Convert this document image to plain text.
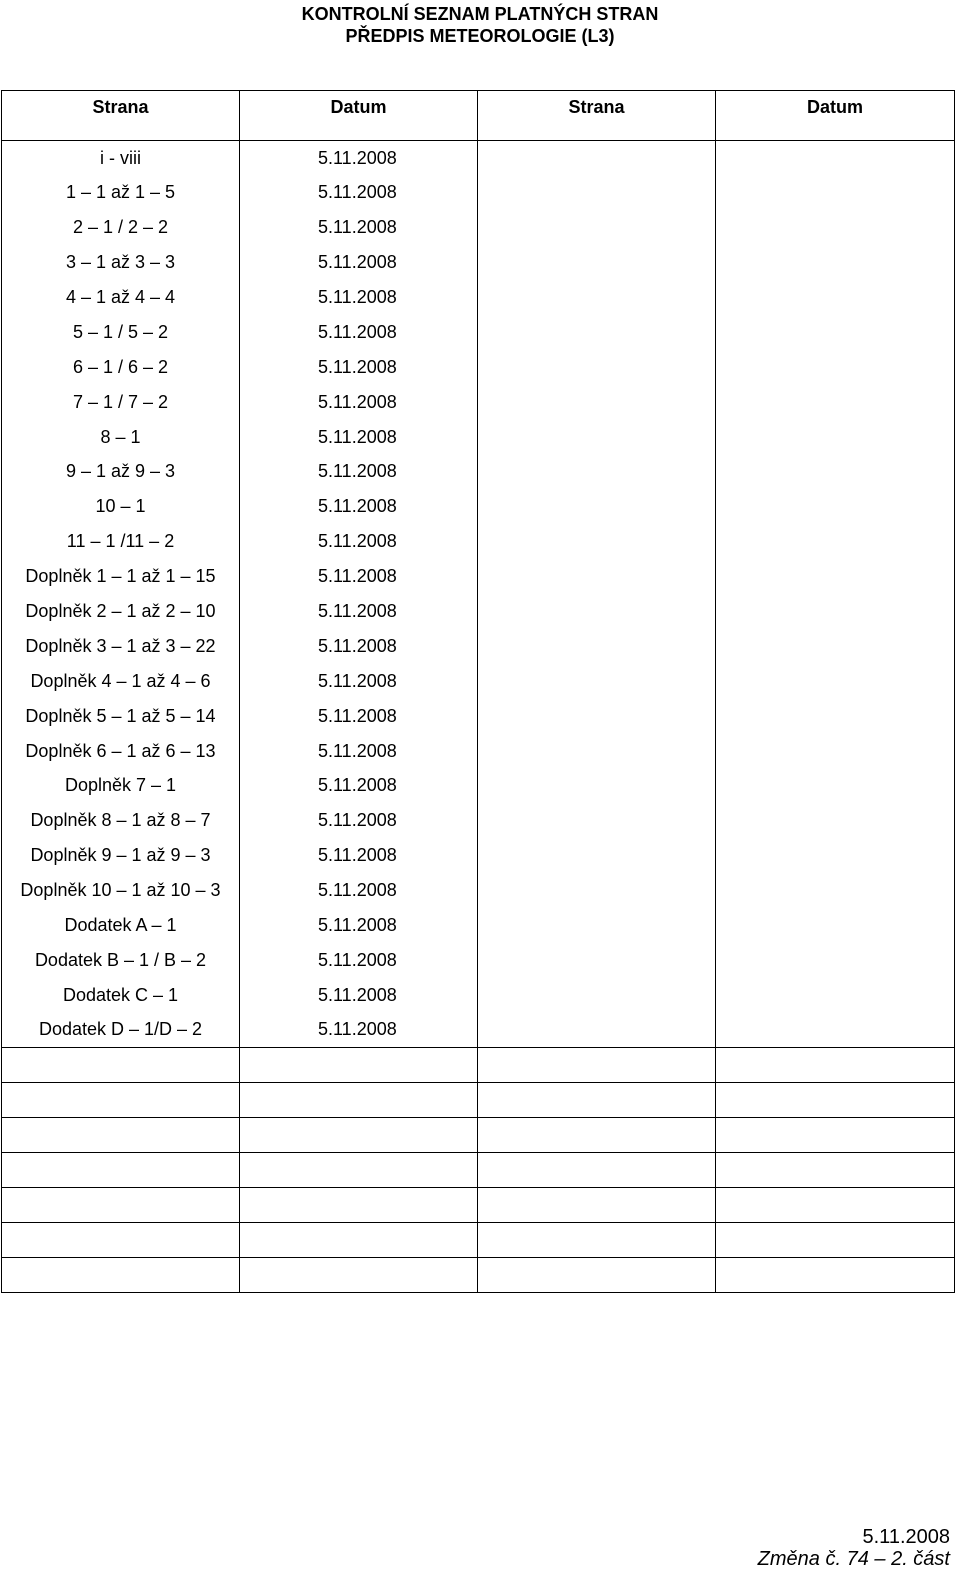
KONTROLNÍ SEZNAM PLATNÝCH STRAN
PŘEDPIS METEOROLOGIE (L3)
Strana	Datum	Strana	Datum
i - viii	5.11.2008		
1 – 1 až 1 – 5	5.11.2008		
2 – 1 / 2 – 2	5.11.2008		
3 – 1 až 3 – 3	5.11.2008		
4 – 1 až 4 – 4	5.11.2008		
5 – 1 / 5 – 2	5.11.2008		
6 – 1 / 6 – 2	5.11.2008		
7 – 1 / 7 – 2	5.11.2008		
8 – 1	5.11.2008		
9 – 1 až 9 – 3	5.11.2008		
10 – 1	5.11.2008		
11 – 1 /11 – 2	5.11.2008		
Doplněk 1 – 1 až 1 – 15	5.11.2008		
Doplněk 2 – 1 až 2 – 10	5.11.2008		
Doplněk 3 – 1 až 3 – 22	5.11.2008		
Doplněk 4 – 1 až 4 – 6	5.11.2008		
Doplněk 5 – 1 až 5 – 14	5.11.2008		
Doplněk 6 – 1 až 6 – 13	5.11.2008		
Doplněk 7 – 1	5.11.2008		
Doplněk 8 – 1 až 8 – 7	5.11.2008		
Doplněk 9 – 1 až 9 – 3	5.11.2008		
Doplněk 10 – 1 až 10 – 3	5.11.2008		
Dodatek A – 1	5.11.2008		
Dodatek B – 1 / B – 2	5.11.2008		
Dodatek C – 1	5.11.2008		
Dodatek D – 1/D – 2	5.11.2008		

5.11.2008
Změna č. 74 – 2. část
